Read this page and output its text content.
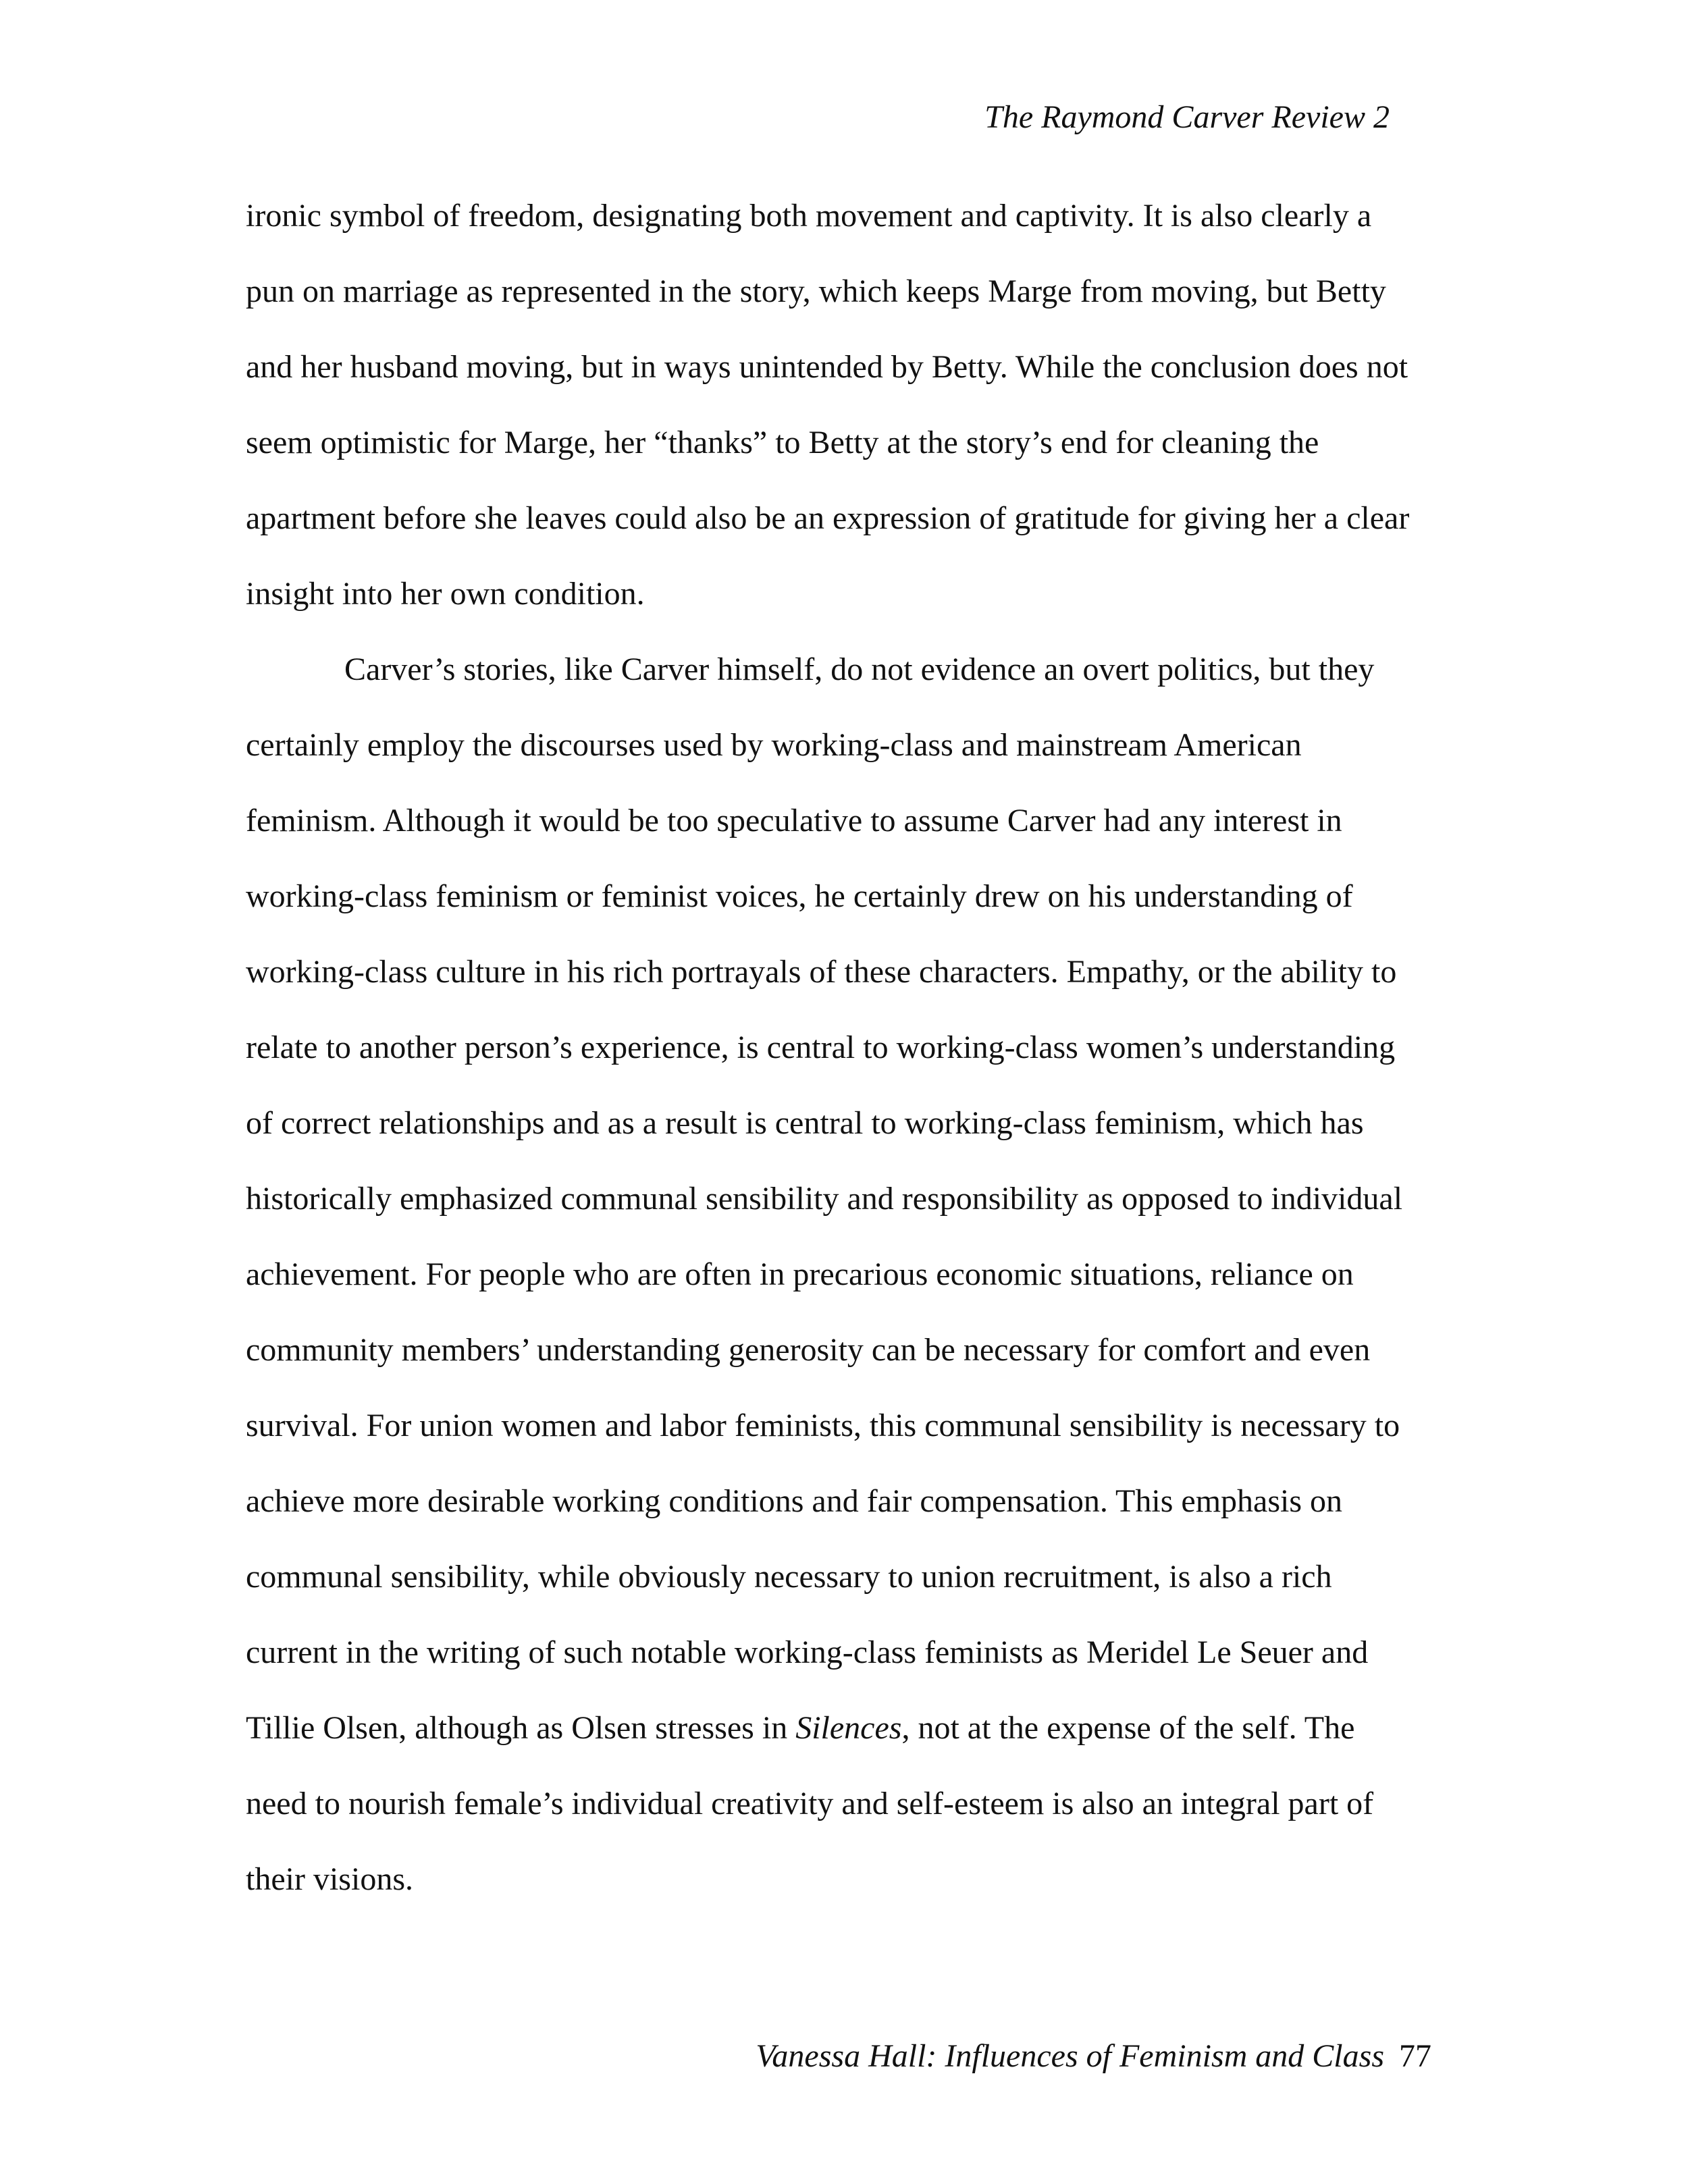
The Raymond Carver Review 2
ironic symbol of freedom, designating both movement and captivity. It is also clearly a
pun on marriage as represented in the story, which keeps Marge from moving, but Betty
and her husband moving, but in ways unintended by Betty. While the conclusion does not
seem optimistic for Marge, her “thanks” to Betty at the story’s end for cleaning the
apartment before she leaves could also be an expression of gratitude for giving her a clear
insight into her own condition.
Carver’s stories, like Carver himself, do not evidence an overt politics, but they
certainly employ the discourses used by working-class and mainstream American
feminism. Although it would be too speculative to assume Carver had any interest in
working-class feminism or feminist voices, he certainly drew on his understanding of
working-class culture in his rich portrayals of these characters. Empathy, or the ability to
relate to another person’s experience, is central to working-class women’s understanding
of correct relationships and as a result is central to working-class feminism, which has
historically emphasized communal sensibility and responsibility as opposed to individual
achievement. For people who are often in precarious economic situations, reliance on
community members’ understanding generosity can be necessary for comfort and even
survival. For union women and labor feminists, this communal sensibility is necessary to
achieve more desirable working conditions and fair compensation. This emphasis on
communal sensibility, while obviously necessary to union recruitment, is also a rich
current in the writing of such notable working-class feminists as Meridel Le Seuer and
Tillie Olsen, although as Olsen stresses in Silences, not at the expense of the self. The
need to nourish female’s individual creativity and self-esteem is also an integral part of
their visions.
Vanessa Hall: Influences of Feminism and Class 77
